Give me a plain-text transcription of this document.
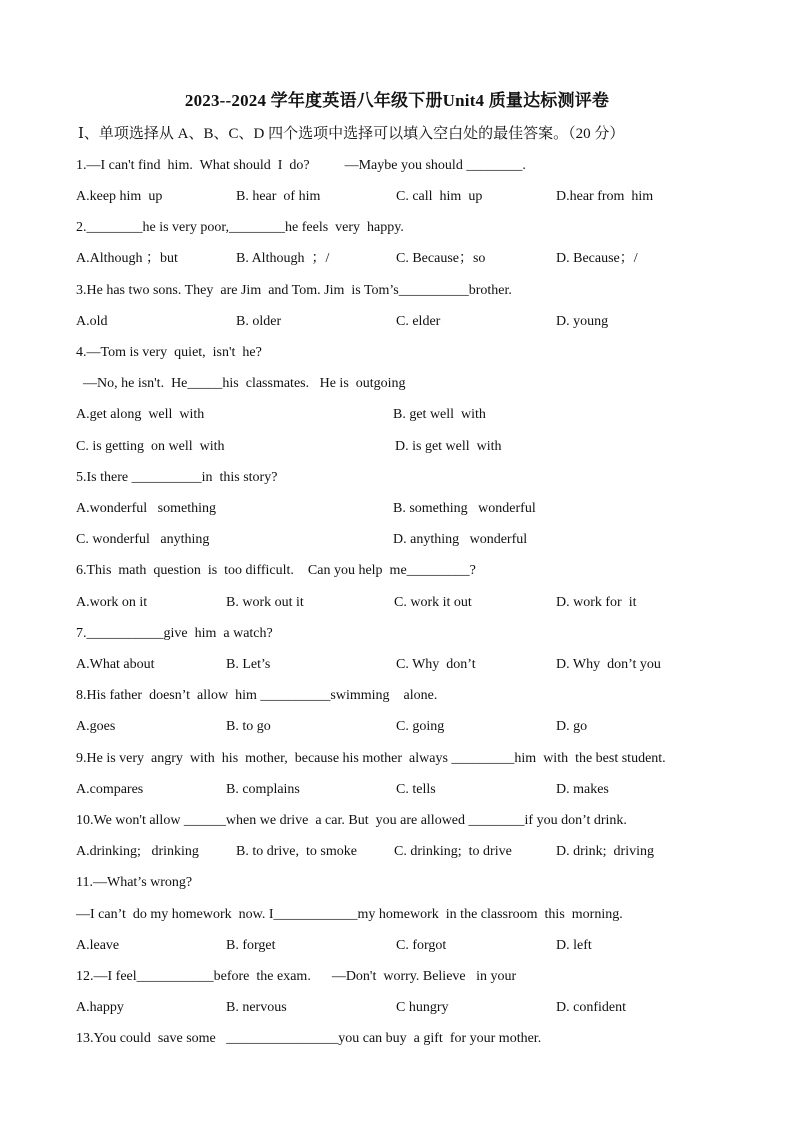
2023--2024 学年度英语八年级下册Unit4 质量达标测评卷
Ⅰ、单项选择从 A、B、C、D 四个选项中选择可以填入空白处的最佳答案。（20 分）
1.—I can't find  him.  What should  I  do?          —Maybe you should ________.
A.keep him  up	B. hear  of him	C. call  him  up	D.hear from  him
2.________he is very poor,________he feels  very  happy.
A.Although ；but	B. Although  ；/	C. Because；so	D. Because；/
3.He has two sons. They  are Jim  and Tom. Jim  is Tom’s__________brother.
A.old	B. older	C. elder	D. young
4.—Tom is very  quiet,  isn't  he?
—No, he isn't.  He_____his  classmates.   He is  outgoing
A.get along  well  with	B. get well  with
C. is getting  on well  with	D. is get well  with
5.Is there __________in  this story?
A.wonderful   something	B. something   wonderful
C. wonderful   anything	D. anything   wonderful
6.This  math  question  is  too difficult.    Can you help  me_________?
A.work on it	B. work out it	C. work it out	D. work for  it
7.___________give  him  a watch?
A.What about	B. Let’s	C. Why  don’t	D. Why  don’t you
8.His father  doesn’t  allow  him __________swimming    alone.
A.goes	B. to go	C. going	D. go
9.He is very  angry  with  his  mother,  because his mother  always _________him  with  the best student.
A.compares	B. complains	C. tells	D. makes
10.We won't allow ______when we drive  a car. But  you are allowed ________if you don’t drink.
A.drinking;   drinking	B. to drive,  to smoke	C. drinking;  to drive	D. drink;  driving
11.—What’s wrong?
—I can’t  do my homework  now. I____________my homework  in the classroom  this  morning.
A.leave	B. forget	C. forgot	D. left
12.—I feel___________before  the exam.      —Don't  worry. Believe   in your
A.happy	B. nervous	C hungry	D. confident
13.You could  save some   ________________you can buy  a gift  for your mother.
